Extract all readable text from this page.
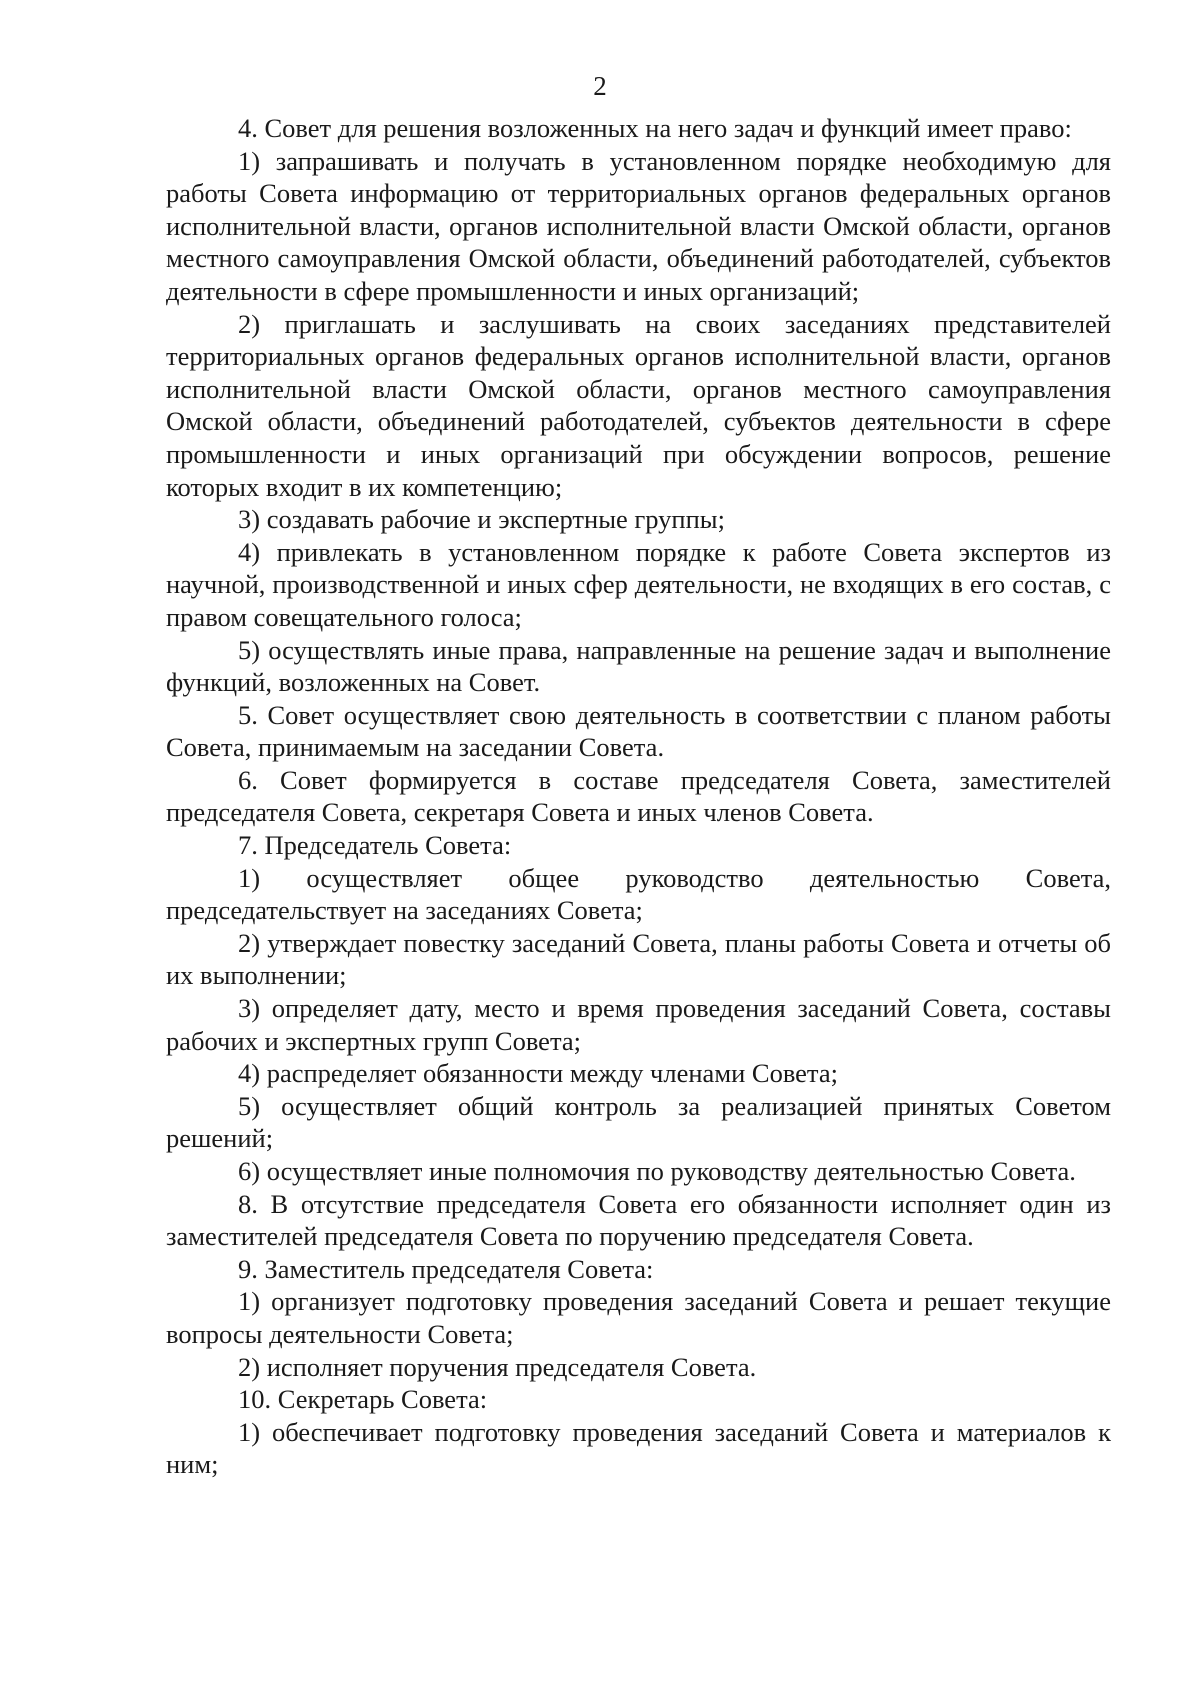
2

4. Совет для решения возложенных на него задач и функций имеет право:

1) запрашивать и получать в установленном порядке необходимую для работы Совета информацию от территориальных органов федеральных органов исполнительной власти, органов исполнительной власти Омской области, органов местного самоуправления Омской области, объединений работодателей, субъектов деятельности в сфере промышленности и иных организаций;

2) приглашать и заслушивать на своих заседаниях представителей территориальных органов федеральных органов исполнительной власти, органов исполнительной власти Омской области, органов местного самоуправления Омской области, объединений работодателей, субъектов деятельности в сфере промышленности и иных организаций при обсуждении вопросов, решение которых входит в их компетенцию;

3) создавать рабочие и экспертные группы;

4) привлекать в установленном порядке к работе Совета экспертов из научной, производственной и иных сфер деятельности, не входящих в его состав, с правом совещательного голоса;

5) осуществлять иные права, направленные на решение задач и выполнение функций, возложенных на Совет.

5. Совет осуществляет свою деятельность в соответствии с планом работы Совета, принимаемым на заседании Совета.

6. Совет формируется в составе председателя Совета, заместителей председателя Совета, секретаря Совета и иных членов Совета.

7. Председатель Совета:

1) осуществляет общее руководство деятельностью Совета, председательствует на заседаниях Совета;

2) утверждает повестку заседаний Совета, планы работы Совета и отчеты об их выполнении;

3) определяет дату, место и время проведения заседаний Совета, составы рабочих и экспертных групп Совета;

4) распределяет обязанности между членами Совета;

5) осуществляет общий контроль за реализацией принятых Советом решений;

6) осуществляет иные полномочия по руководству деятельностью Совета.

8. В отсутствие председателя Совета его обязанности исполняет один из заместителей председателя Совета по поручению председателя Совета.

9. Заместитель председателя Совета:

1) организует подготовку проведения заседаний Совета и решает текущие вопросы деятельности Совета;

2) исполняет поручения председателя Совета.

10. Секретарь Совета:

1) обеспечивает подготовку проведения заседаний Совета и материалов к ним;
